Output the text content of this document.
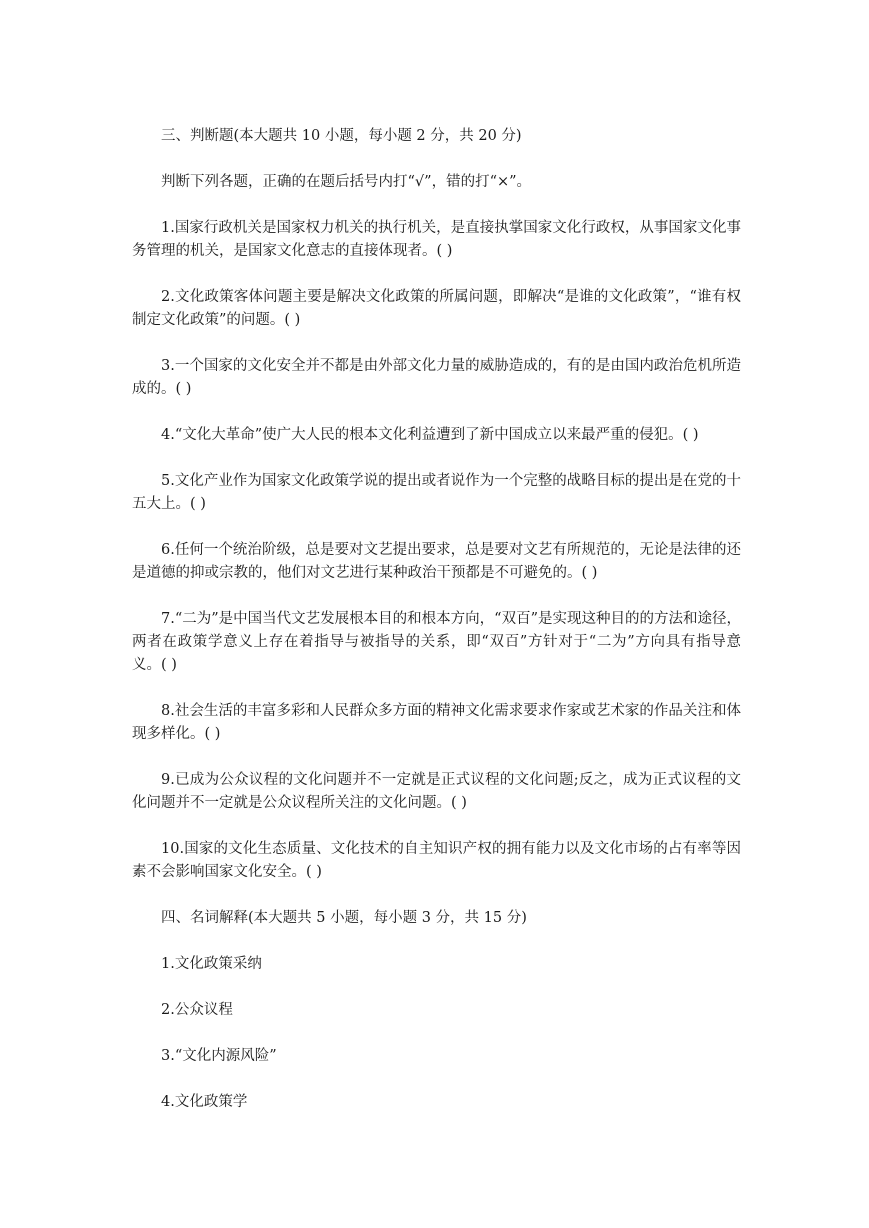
三、判断题(本大题共 10 小题，每小题 2 分，共 20 分)

判断下列各题，正确的在题后括号内打“√”，错的打“×”。

1.国家行政机关是国家权力机关的执行机关，是直接执掌国家文化行政权，从事国家文化事务管理的机关，是国家文化意志的直接体现者。( )

2.文化政策客体问题主要是解决文化政策的所属问题，即解决“是谁的文化政策”，“谁有权制定文化政策”的问题。( )

3.一个国家的文化安全并不都是由外部文化力量的威胁造成的，有的是由国内政治危机所造成的。( )

4.“文化大革命”使广大人民的根本文化利益遭到了新中国成立以来最严重的侵犯。( )

5.文化产业作为国家文化政策学说的提出或者说作为一个完整的战略目标的提出是在党的十五大上。( )

6.任何一个统治阶级，总是要对文艺提出要求，总是要对文艺有所规范的，无论是法律的还是道德的抑或宗教的，他们对文艺进行某种政治干预都是不可避免的。( )

7.“二为”是中国当代文艺发展根本目的和根本方向，“双百”是实现这种目的的方法和途径，两者在政策学意义上存在着指导与被指导的关系，即“双百”方针对于“二为”方向具有指导意义。( )

8.社会生活的丰富多彩和人民群众多方面的精神文化需求要求作家或艺术家的作品关注和体现多样化。( )

9.已成为公众议程的文化问题并不一定就是正式议程的文化问题;反之，成为正式议程的文化问题并不一定就是公众议程所关注的文化问题。( )

10.国家的文化生态质量、文化技术的自主知识产权的拥有能力以及文化市场的占有率等因素不会影响国家文化安全。( )

四、名词解释(本大题共 5 小题，每小题 3 分，共 15 分)

1.文化政策采纳

2.公众议程

3.“文化内源风险”

4.文化政策学
